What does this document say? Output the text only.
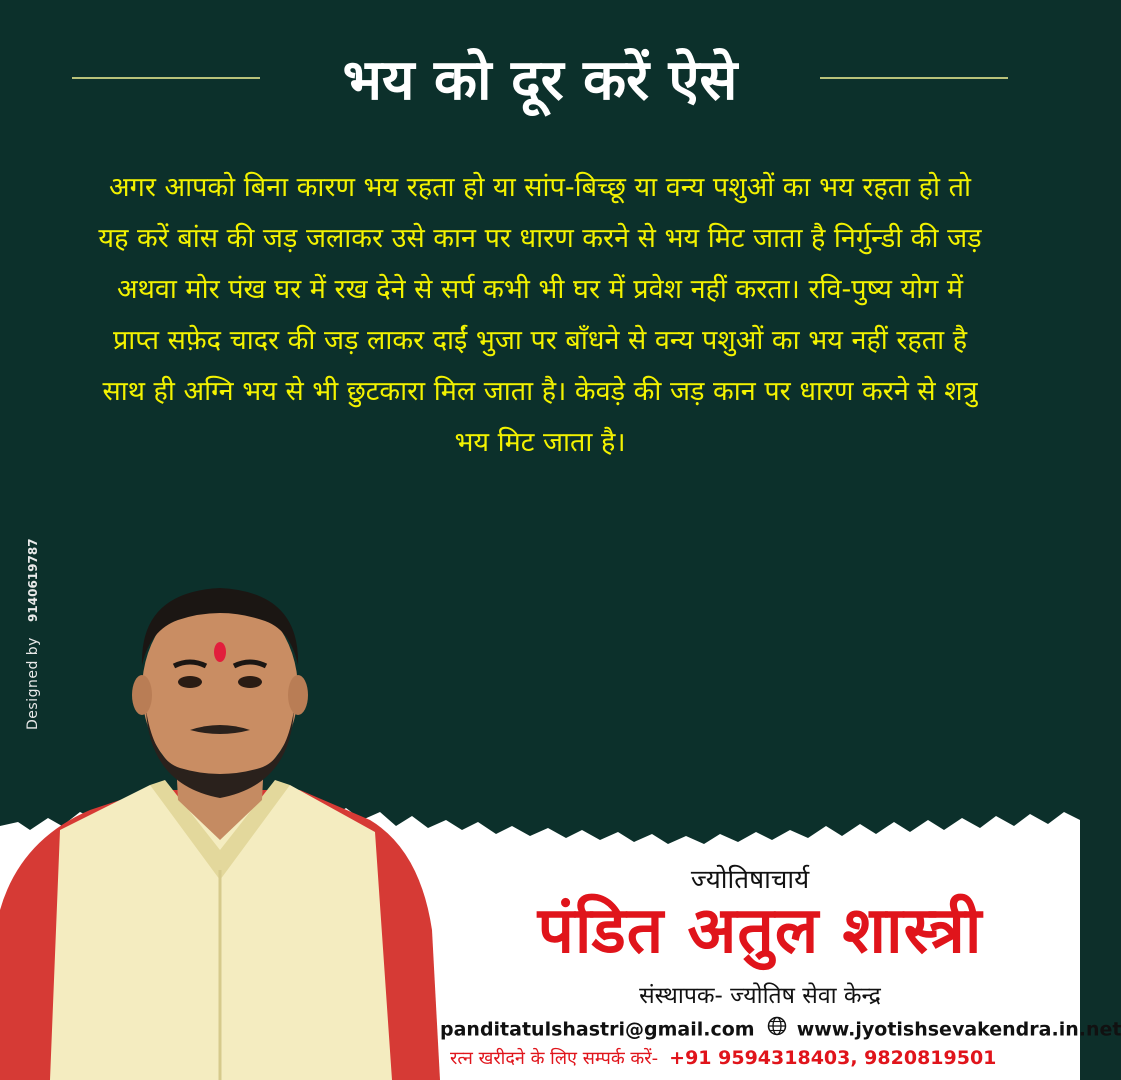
भय को दूर करें ऐसे
अगर आपको बिना कारण भय रहता हो या सांप-बिच्छू या वन्य पशुओं का भय रहता हो तो यह करें बांस की जड़ जलाकर उसे कान पर धारण करने से भय मिट जाता है निर्गुन्डी की जड़ अथवा मोर पंख घर में रख देने से सर्प कभी भी घर में प्रवेश नहीं करता। रवि-पुष्य योग में प्राप्त सफ़ेद चादर की जड़ लाकर दाईं भुजा पर बाँधने से वन्य पशुओं का भय नहीं रहता है साथ ही अग्नि भय से भी छुटकारा मिल जाता है। केवड़े की जड़ कान पर धारण करने से शत्रु भय मिट जाता है।
Designed by 9140619787
ज्योतिषाचार्य
पंडित अतुल शास्त्री
संस्थापक- ज्योतिष सेवा केन्द्र
panditatulshastri@gmail.com www.jyotishsevakendra.in.net
रत्न खरीदने के लिए सम्पर्क करें- +91 9594318403, 9820819501
